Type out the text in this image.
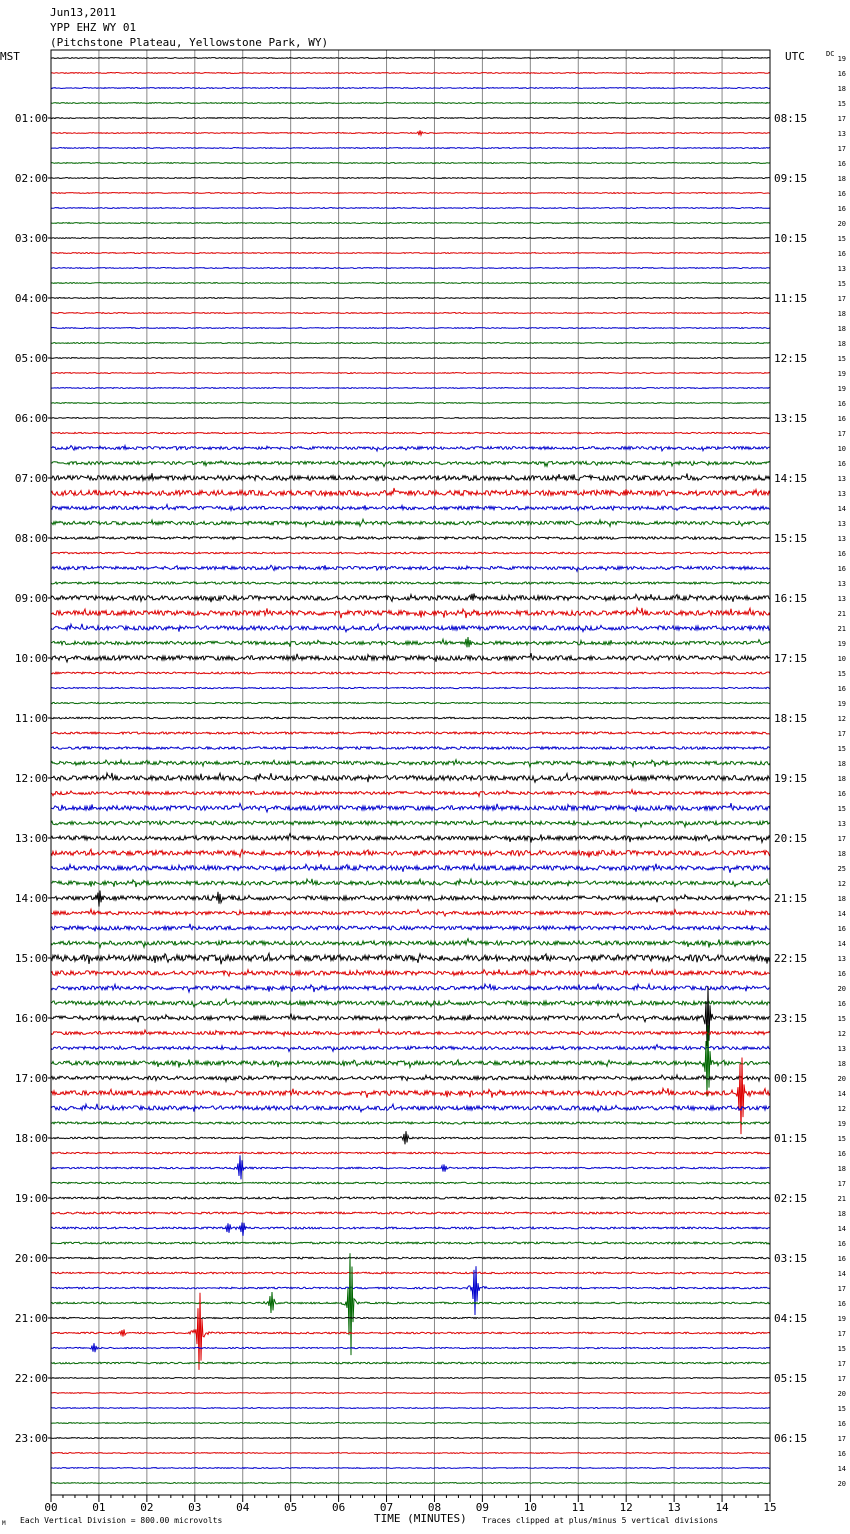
Jun13,2011
YPP EHZ WY 01
(Pitchstone Plateau, Yellowstone Park, WY)
00	01	02	03	04	05	06	07	08	09	10	11	12	13	14	15
19
16
18
15
17
13
17
16
18
16
16
20
15
16
13
15
17
18
18
18
15
19
19
16
16
17
10
16
13
13
14
13
13
16
16
13
13
21
21
19
10
15
16
19
12
17
15
18
18
16
15
13
17
18
25
12
18
14
16
14
13
16
20
16
15
12
13
18
20
14
12
19
15
16
18
17
21
18
14
16
16
14
17
16
19
17
15
17
17
20
15
16
17
16
14
20
01:00
02:00
03:00
04:00
05:00
06:00
07:00
08:00
09:00
10:00
11:00
12:00
13:00
14:00
15:00
16:00
17:00
18:00
19:00
20:00
21:00
22:00
23:00
08:15
09:15
10:15
11:15
12:15
13:15
14:15
15:15
16:15
17:15
18:15
19:15
20:15
21:15
22:15
23:15
00:15
01:15
02:15
03:15
04:15
05:15
06:15
MST	UTC	DC
TIME (MINUTES)
M Each Vertical Division = 800.00 microvolts	Traces clipped at plus/minus 5 vertical divisions
